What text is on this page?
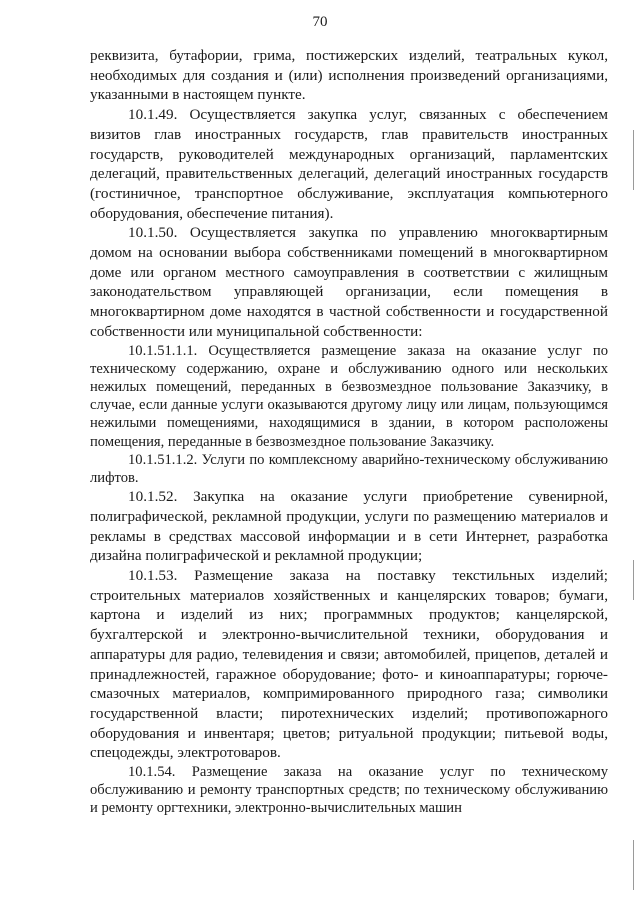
70

реквизита, бутафории, грима, постижерских изделий, театральных кукол, необходимых для создания и (или) исполнения произведений организациями, указанными в настоящем пункте.

10.1.49. Осуществляется закупка услуг, связанных с обеспечением визитов глав иностранных государств, глав правительств иностранных государств, руководителей международных организаций, парламентских делегаций, правительственных делегаций, делегаций иностранных государств (гостиничное, транспортное обслуживание, эксплуатация компьютерного оборудования, обеспечение питания).

10.1.50. Осуществляется закупка по управлению многоквартирным домом на основании выбора собственниками помещений в многоквартирном доме или органом местного самоуправления в соответствии с жилищным законодательством управляющей организации, если помещения в многоквартирном доме находятся в частной собственности и государственной собственности или муниципальной собственности:

10.1.51.1.1. Осуществляется размещение заказа на оказание услуг по техническому содержанию, охране и обслуживанию одного или нескольких нежилых помещений, переданных в безвозмездное пользование Заказчику, в случае, если данные услуги оказываются другому лицу или лицам, пользующимся нежилыми помещениями, находящимися в здании, в котором расположены помещения, переданные в безвозмездное пользование Заказчику.

10.1.51.1.2. Услуги по комплексному аварийно-техническому обслуживанию лифтов.

10.1.52. Закупка на оказание услуги приобретение сувенирной, полиграфической, рекламной продукции, услуги по размещению материалов и рекламы в средствах массовой информации и в сети Интернет, разработка дизайна полиграфической и рекламной продукции;

10.1.53. Размещение заказа на поставку текстильных изделий; строительных материалов хозяйственных и канцелярских товаров; бумаги, картона и изделий из них; программных продуктов; канцелярской, бухгалтерской и электронно-вычислительной техники, оборудования и аппаратуры для радио, телевидения и связи; автомобилей, прицепов, деталей и принадлежностей, гаражное оборудование; фото- и киноаппаратуры; горюче-смазочных материалов, компримированного природного газа; символики государственной власти; пиротехнических изделий; противопожарного оборудования и инвентаря; цветов; ритуальной продукции; питьевой воды, спецодежды, электротоваров.

10.1.54. Размещение заказа на оказание услуг по техническому обслуживанию и ремонту транспортных средств; по техническому обслуживанию и ремонту оргтехники, электронно-вычислительных машин
